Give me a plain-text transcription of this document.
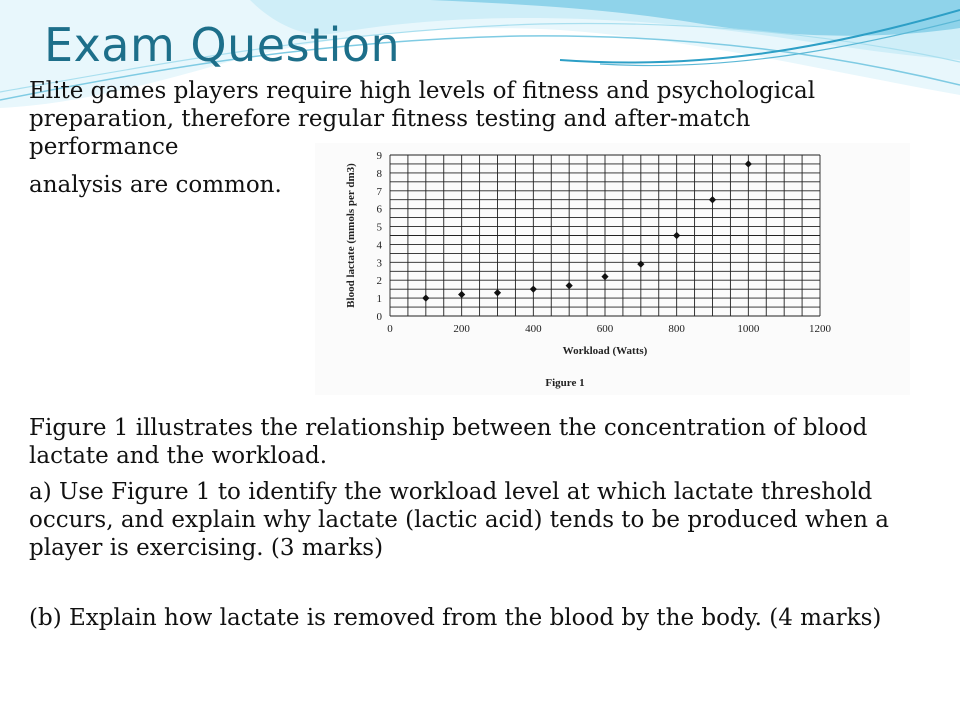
Exam Question

Elite games players require high levels of fitness and psychological
preparation, therefore regular fitness testing and after-match
performance

analysis are common.

0	200	400	600	800	1000	1200
0
1
2
3
4
5
6
7
8
9
Workload (Watts)
Blood lactate (mmols per dm3)
Figure 1

Figure 1 illustrates the relationship between the concentration of blood lactate and the workload.

a) Use Figure 1 to identify the workload level at which lactate threshold occurs, and explain why lactate (lactic acid) tends to be produced when a player is exercising. (3 marks)

(b) Explain how lactate is removed from the blood by the body. (4 marks)
